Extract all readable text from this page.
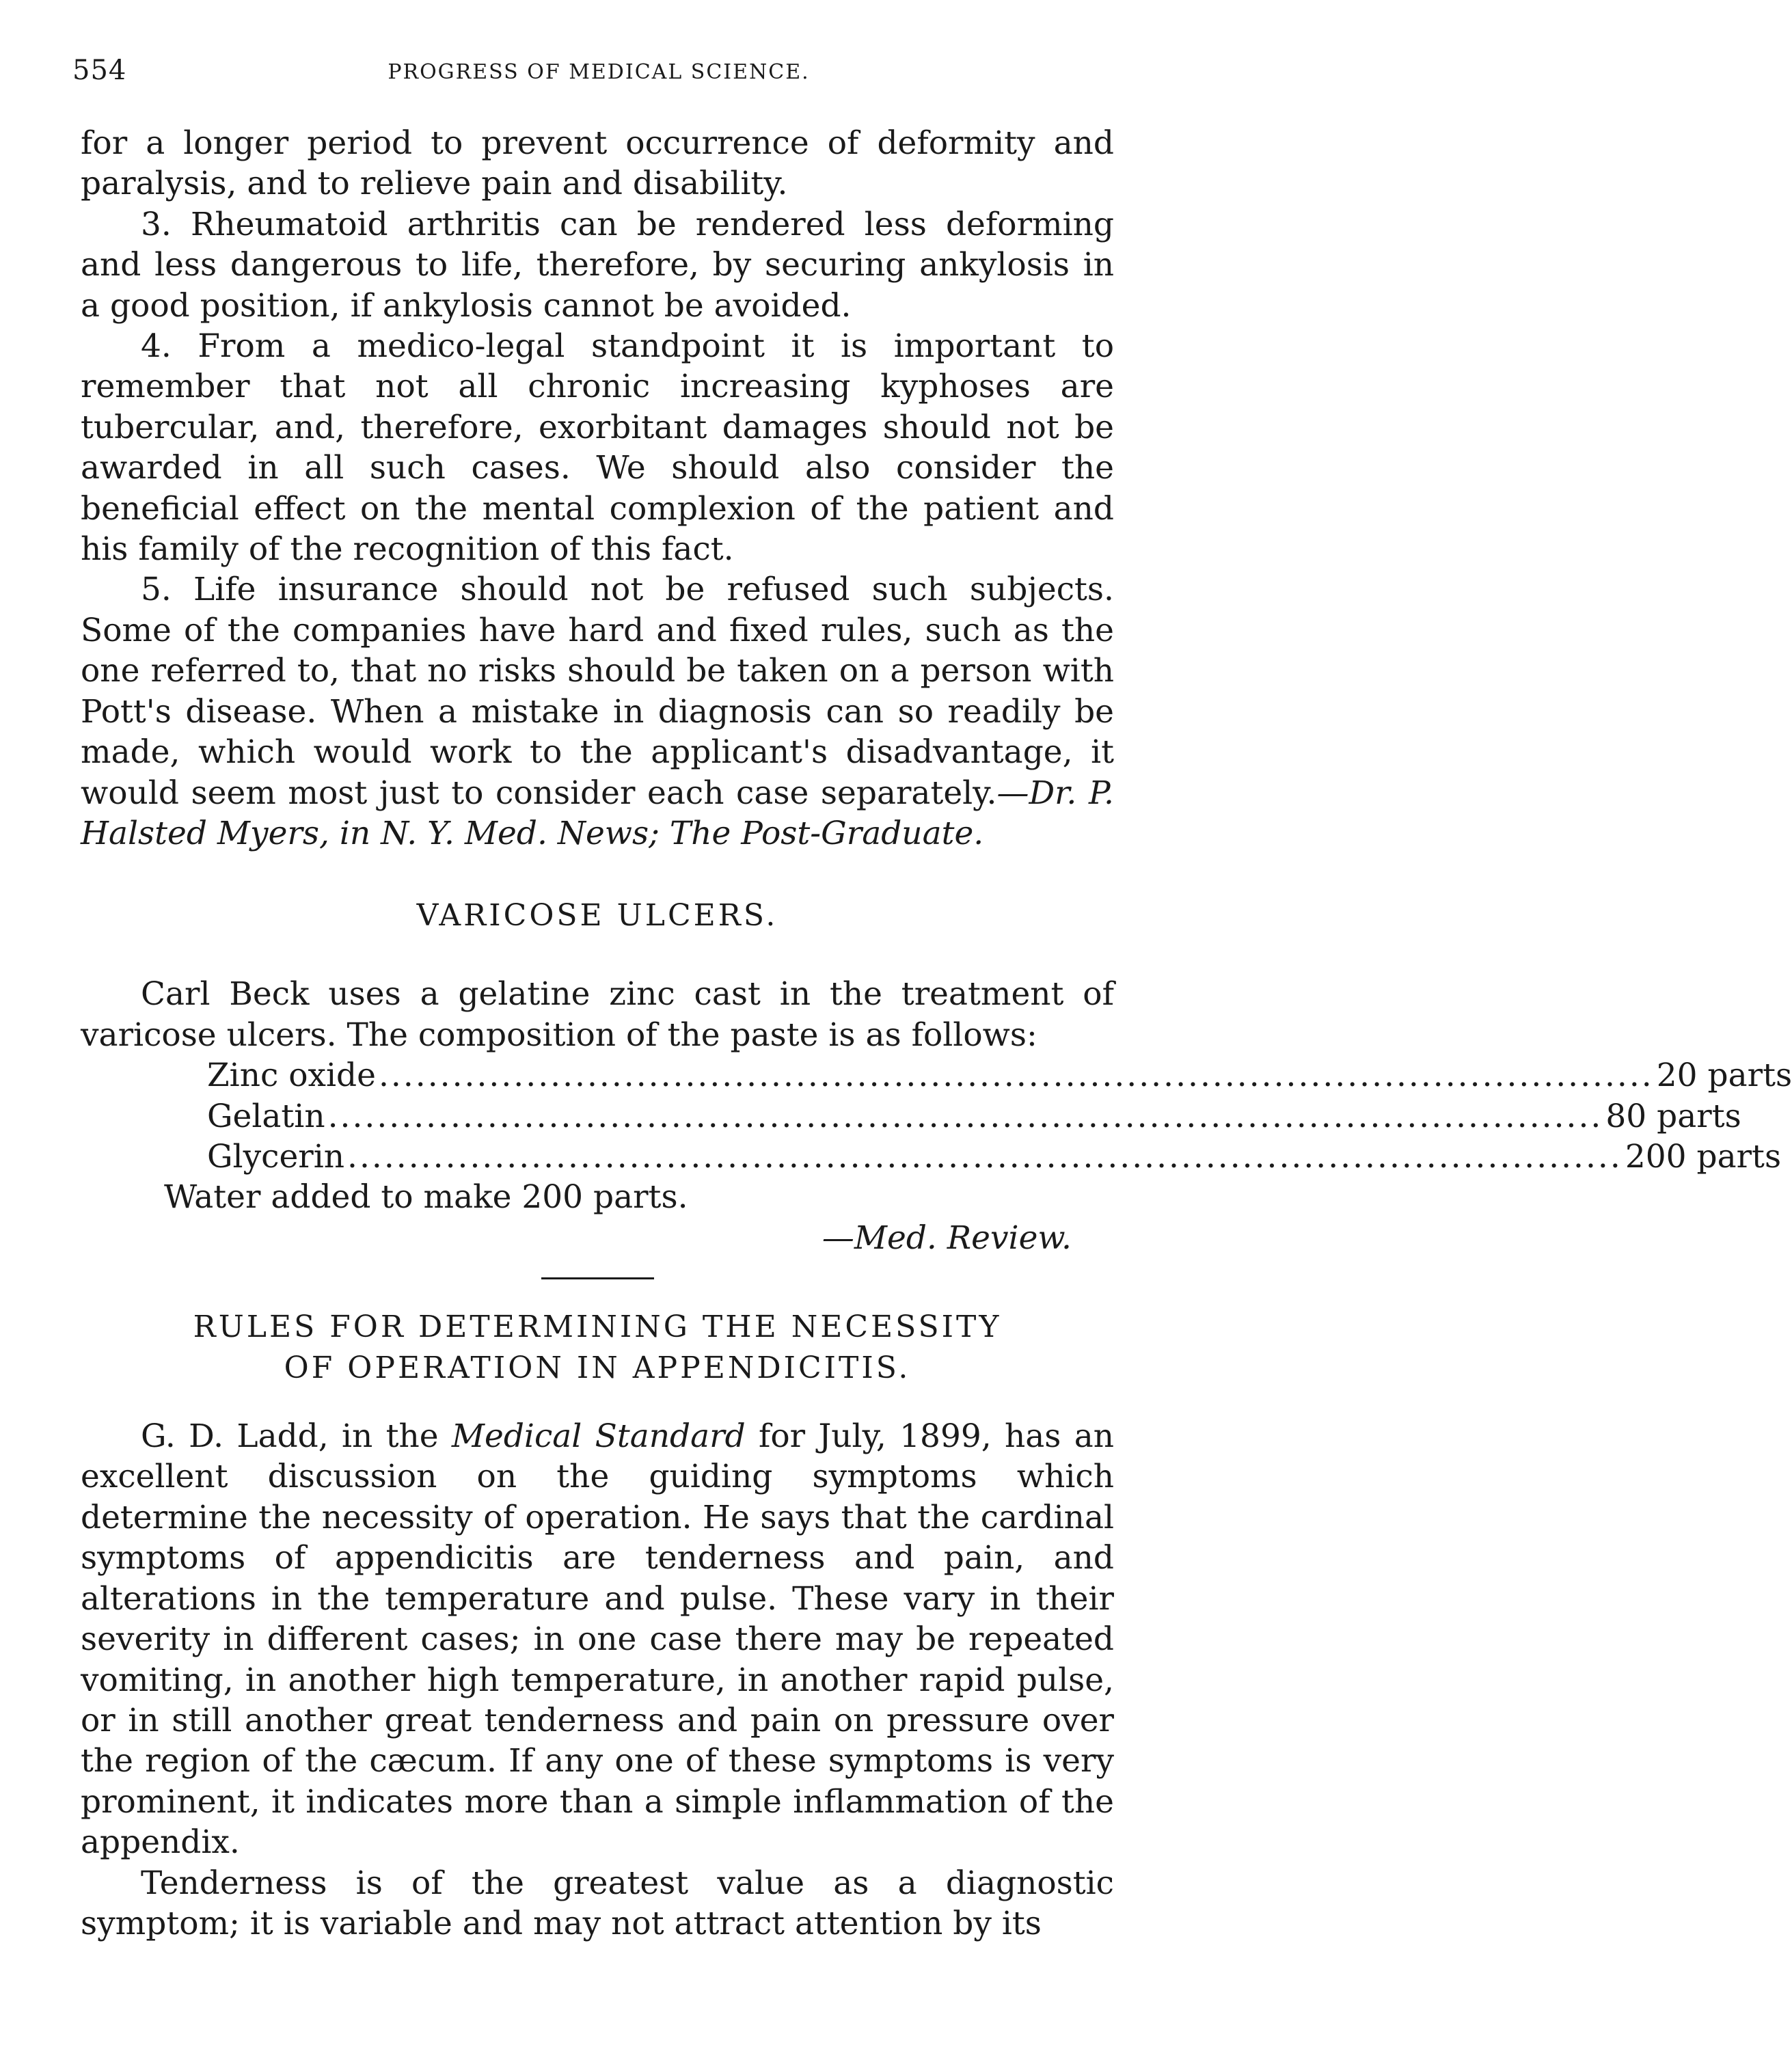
554	PROGRESS OF MEDICAL SCIENCE.

for a longer period to prevent occurrence of deformity and paralysis, and to relieve pain and disability.

3. Rheumatoid arthritis can be rendered less deforming and less dangerous to life, therefore, by securing ankylosis in a good position, if ankylosis cannot be avoided.

4. From a medico-legal standpoint it is important to remember that not all chronic increasing kyphoses are tubercular, and, therefore, exorbitant damages should not be awarded in all such cases. We should also consider the beneficial effect on the mental complexion of the patient and his family of the recognition of this fact.

5. Life insurance should not be refused such subjects. Some of the companies have hard and fixed rules, such as the one referred to, that no risks should be taken on a person with Pott's disease. When a mistake in diagnosis can so readily be made, which would work to the applicant's disadvantage, it would seem most just to consider each case separately.—Dr. P. Halsted Myers, in N. Y. Med. News; The Post-Graduate.

VARICOSE ULCERS.

Carl Beck uses a gelatine zinc cast in the treatment of varicose ulcers. The composition of the paste is as follows:

Zinc oxide ........................................................................................................ 20 parts
Gelatin ........................................................................................................ 80 parts
Glycerin ........................................................................................................ 200 parts
Water added to make 200 parts.
—Med. Review.
RULES FOR DETERMINING THE NECESSITY
OF OPERATION IN APPENDICITIS.

G. D. Ladd, in the Medical Standard for July, 1899, has an excellent discussion on the guiding symptoms which determine the necessity of operation. He says that the cardinal symptoms of appendicitis are tenderness and pain, and alterations in the temperature and pulse. These vary in their severity in different cases; in one case there may be repeated vomiting, in another high temperature, in another rapid pulse, or in still another great tenderness and pain on pressure over the region of the cæcum. If any one of these symptoms is very prominent, it indicates more than a simple inflammation of the appendix.

Tenderness is of the greatest value as a diagnostic symptom; it is variable and may not attract attention by its
